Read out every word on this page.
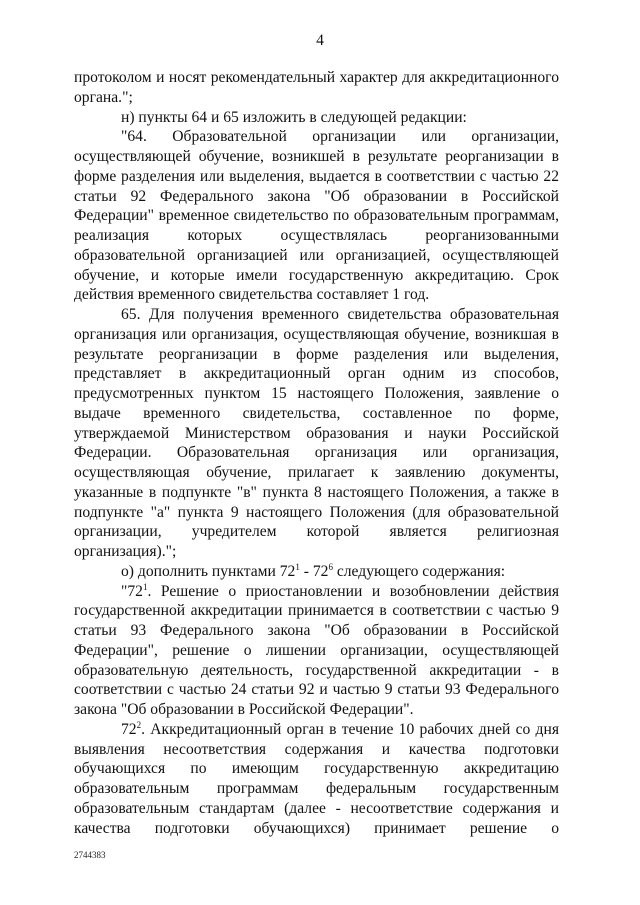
4

протоколом и носят рекомендательный характер для аккредитационного органа.";

н) пункты 64 и 65 изложить в следующей редакции:

"64. Образовательной организации или организации, осуществляющей обучение, возникшей в результате реорганизации в форме разделения или выделения, выдается в соответствии с частью 22 статьи 92 Федерального закона "Об образовании в Российской Федерации" временное свидетельство по образовательным программам, реализация которых осуществлялась реорганизованными образовательной организацией или организацией, осуществляющей обучение, и которые имели государственную аккредитацию. Срок действия временного свидетельства составляет 1 год.

65. Для получения временного свидетельства образовательная организация или организация, осуществляющая обучение, возникшая в результате реорганизации в форме разделения или выделения, представляет в аккредитационный орган одним из способов, предусмотренных пунктом 15 настоящего Положения, заявление о выдаче временного свидетельства, составленное по форме, утверждаемой Министерством образования и науки Российской Федерации. Образовательная организация или организация, осуществляющая обучение, прилагает к заявлению документы, указанные в подпункте "в" пункта 8 настоящего Положения, а также в подпункте "а" пункта 9 настоящего Положения (для образовательной организации, учредителем которой является религиозная организация).";

о) дополнить пунктами $72^1 - 72^6$ следующего содержания:

"$72^1$. Решение о приостановлении и возобновлении действия государственной аккредитации принимается в соответствии с частью 9 статьи 93 Федерального закона "Об образовании в Российской Федерации", решение о лишении организации, осуществляющей образовательную деятельность, государственной аккредитации - в соответствии с частью 24 статьи 92 и частью 9 статьи 93 Федерального закона "Об образовании в Российской Федерации".

$72^2$. Аккредитационный орган в течение 10 рабочих дней со дня выявления несоответствия содержания и качества подготовки обучающихся по имеющим государственную аккредитацию образовательным программам федеральным государственным образовательным стандартам (далее - несоответствие содержания и качества подготовки обучающихся) принимает решение о

2744383
